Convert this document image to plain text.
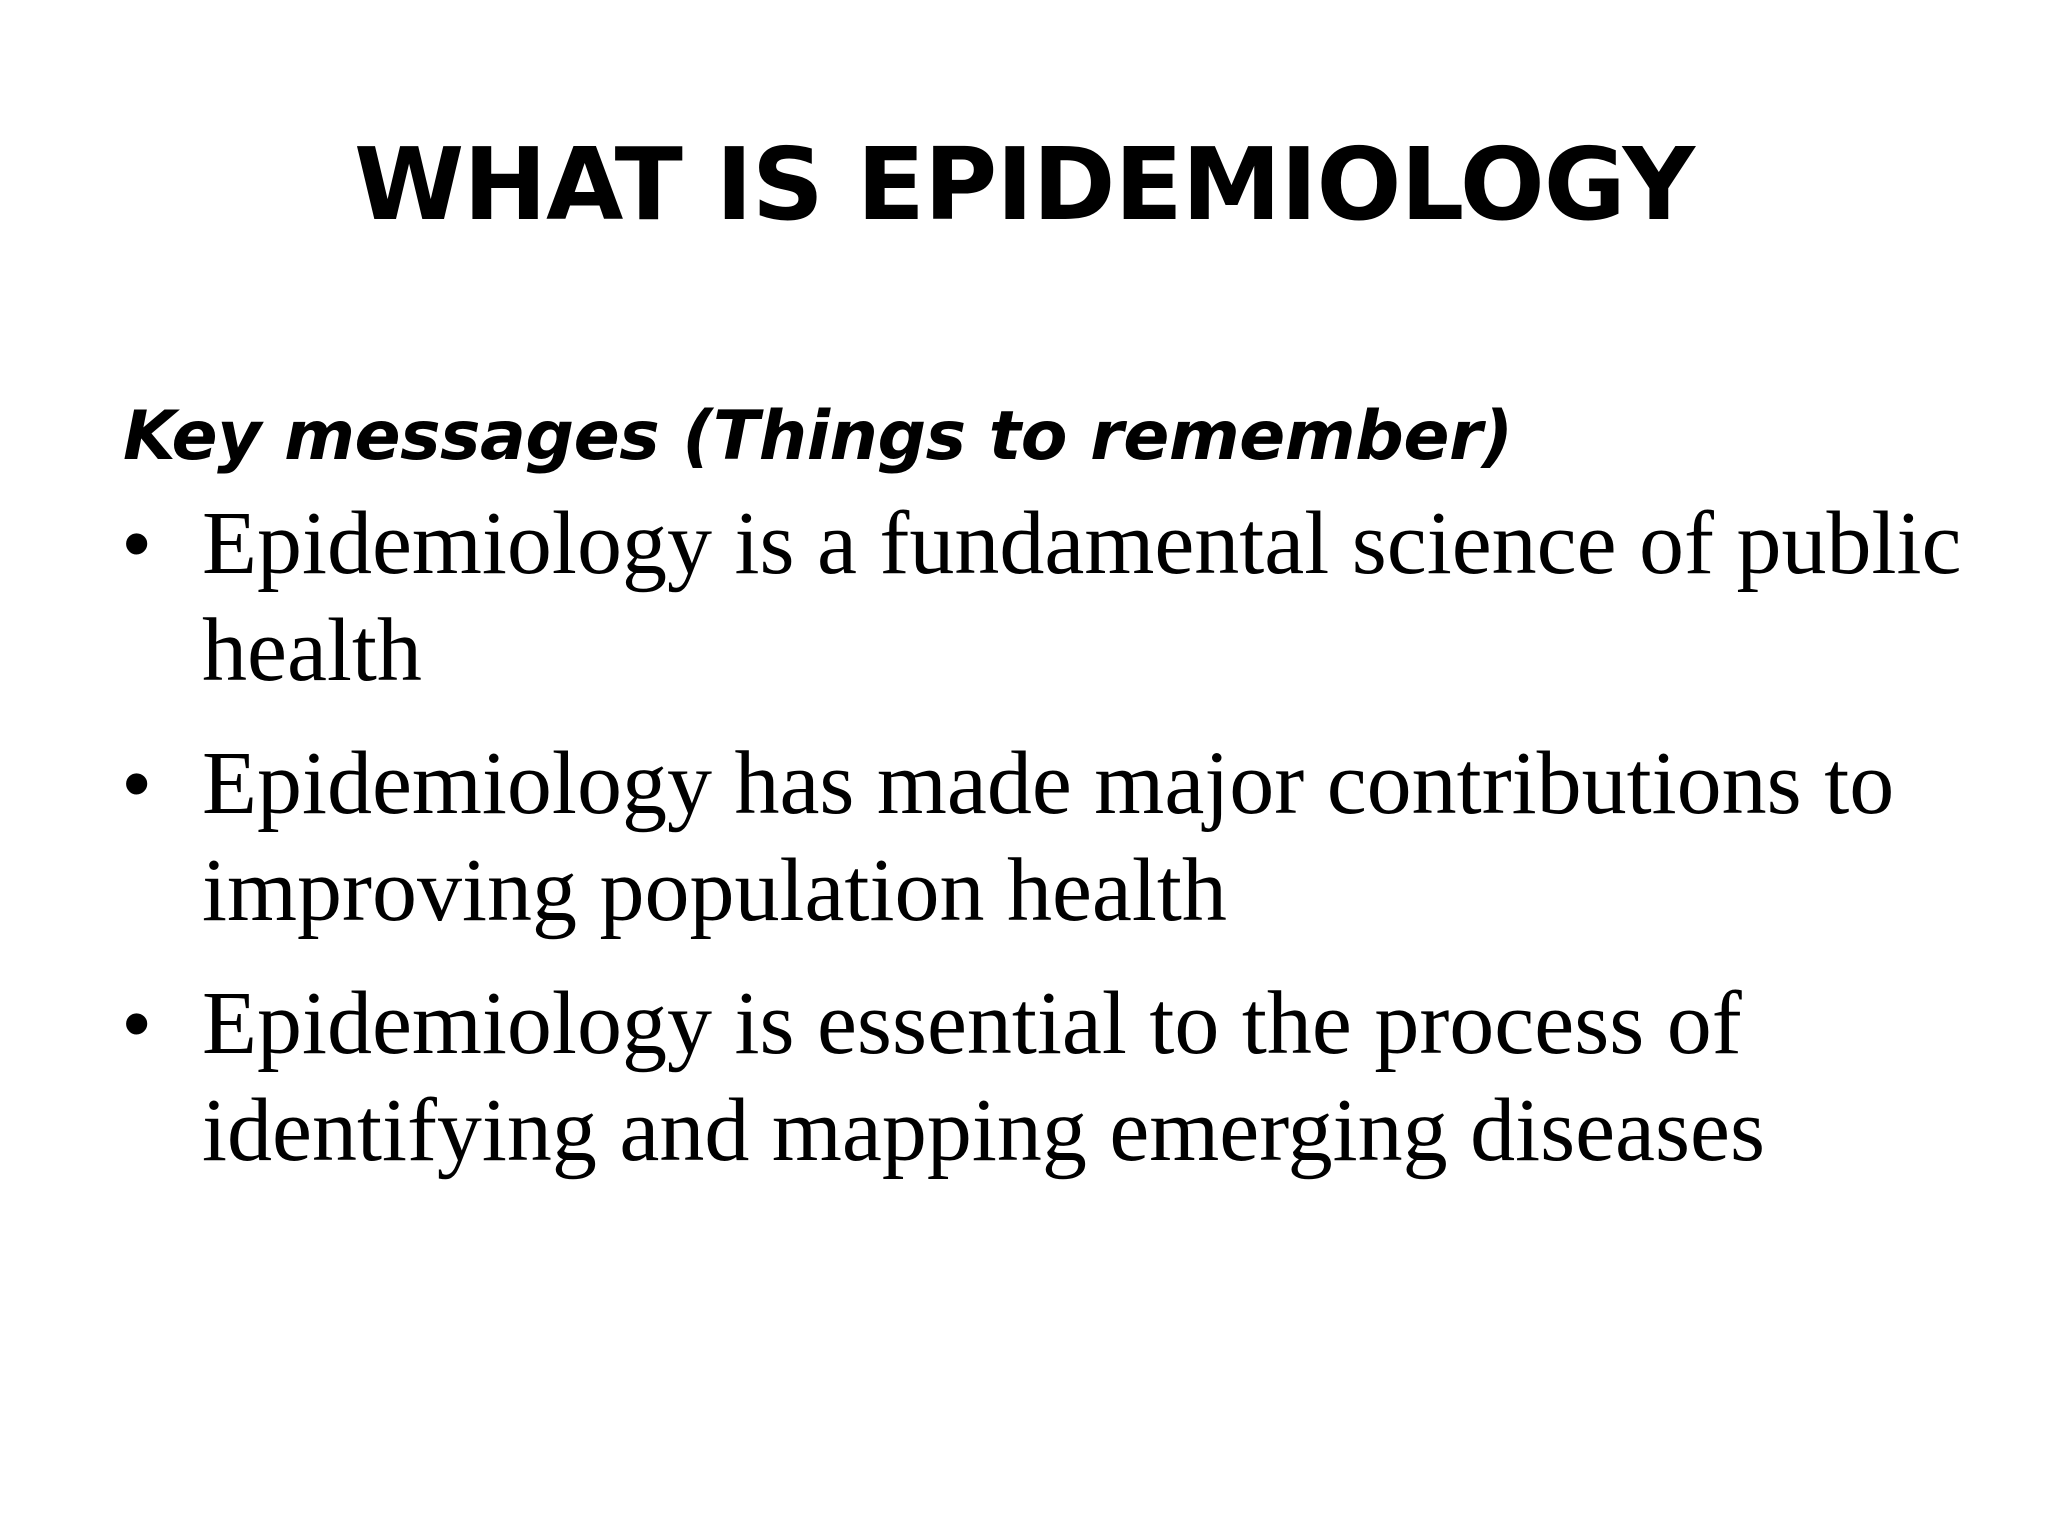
WHAT IS EPIDEMIOLOGY
Key messages (Things to remember)
• Epidemiology is a fundamental science of public health
• Epidemiology has made major contributions to improving population health
• Epidemiology is essential to the process of identifying and mapping emerging diseases
